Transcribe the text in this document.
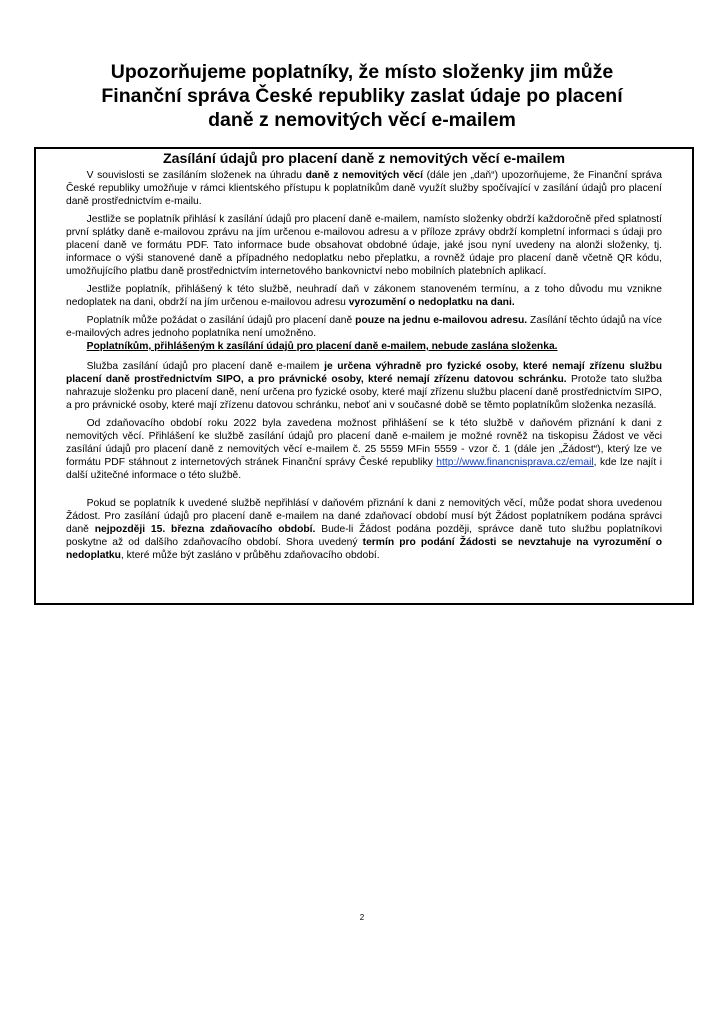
Upozorňujeme poplatníky, že místo složenky jim může
Finanční správa České republiky zaslat údaje po placení
daně z nemovitých věcí e-mailem
Zasílání údajů pro placení daně z nemovitých věcí e-mailem

V souvislosti se zasíláním složenek na úhradu daně z nemovitých věcí (dále jen „daň“) upozorňujeme, že Finanční správa České republiky umožňuje v rámci klientského přístupu k poplatníkům daně využít služby spočívající v zasílání údajů pro placení daně prostřednictvím e-mailu.

Jestliže se poplatník přihlásí k zasílání údajů pro placení daně e-mailem, namísto složenky obdrží každoročně před splatností první splátky daně e-mailovou zprávu na jím určenou e-mailovou adresu a v příloze zprávy obdrží kompletní informaci s údaji pro placení daně ve formátu PDF. Tato informace bude obsahovat obdobné údaje, jaké jsou nyní uvedeny na alonži složenky, tj. informace o výši stanovené daně a případného nedoplatku nebo přeplatku, a rovněž údaje pro placení daně včetně QR kódu, umožňujícího platbu daně prostřednictvím internetového bankovnictví nebo mobilních platebních aplikací.

Jestliže poplatník, přihlášený k této službě, neuhradí daň v zákonem stanoveném termínu, a z toho důvodu mu vznikne nedoplatek na dani, obdrží na jím určenou e-mailovou adresu vyrozumění o nedoplatku na dani.

Poplatník může požádat o zasílání údajů pro placení daně pouze na jednu e-mailovou adresu. Zasílání těchto údajů na více e-mailových adres jednoho poplatníka není umožněno.

Poplatníkům, přihlášeným k zasílání údajů pro placení daně e-mailem, nebude zaslána složenka.

Služba zasílání údajů pro placení daně e-mailem je určena výhradně pro fyzické osoby, které nemají zřízenu službu placení daně prostřednictvím SIPO, a pro právnické osoby, které nemají zřízenu datovou schránku. Protože tato služba nahrazuje složenku pro placení daně, není určena pro fyzické osoby, které mají zřízenu službu placení daně prostřednictvím SIPO, a pro právnické osoby, které mají zřízenu datovou schránku, neboť ani v současné době se těmto poplatníkům složenka nezasílá.

Od zdaňovacího období roku 2022 byla zavedena možnost přihlášení se k této službě v daňovém přiznání k dani z nemovitých věcí. Přihlášení ke službě zasílání údajů pro placení daně e-mailem je možné rovněž na tiskopisu Žádost ve věci zasílání údajů pro placení daně z nemovitých věcí e-mailem č. 25 5559 MFin 5559 - vzor č. 1 (dále jen „Žádost“), který lze ve formátu PDF stáhnout z internetových stránek Finanční správy České republiky http://www.financnisprava.cz/email, kde lze najít i další užitečné informace o této službě.

Pokud se poplatník k uvedené službě nepřihlásí v daňovém přiznání k dani z nemovitých věcí, může podat shora uvedenou Žádost. Pro zasílání údajů pro placení daně e-mailem na dané zdaňovací období musí být Žádost poplatníkem podána správci daně nejpozději 15. března zdaňovacího období. Bude-li Žádost podána později, správce daně tuto službu poplatníkovi poskytne až od dalšího zdaňovacího období. Shora uvedený termín pro podání Žádosti se nevztahuje na vyrozumění o nedoplatku, které může být zasláno v průběhu zdaňovacího období.

2
